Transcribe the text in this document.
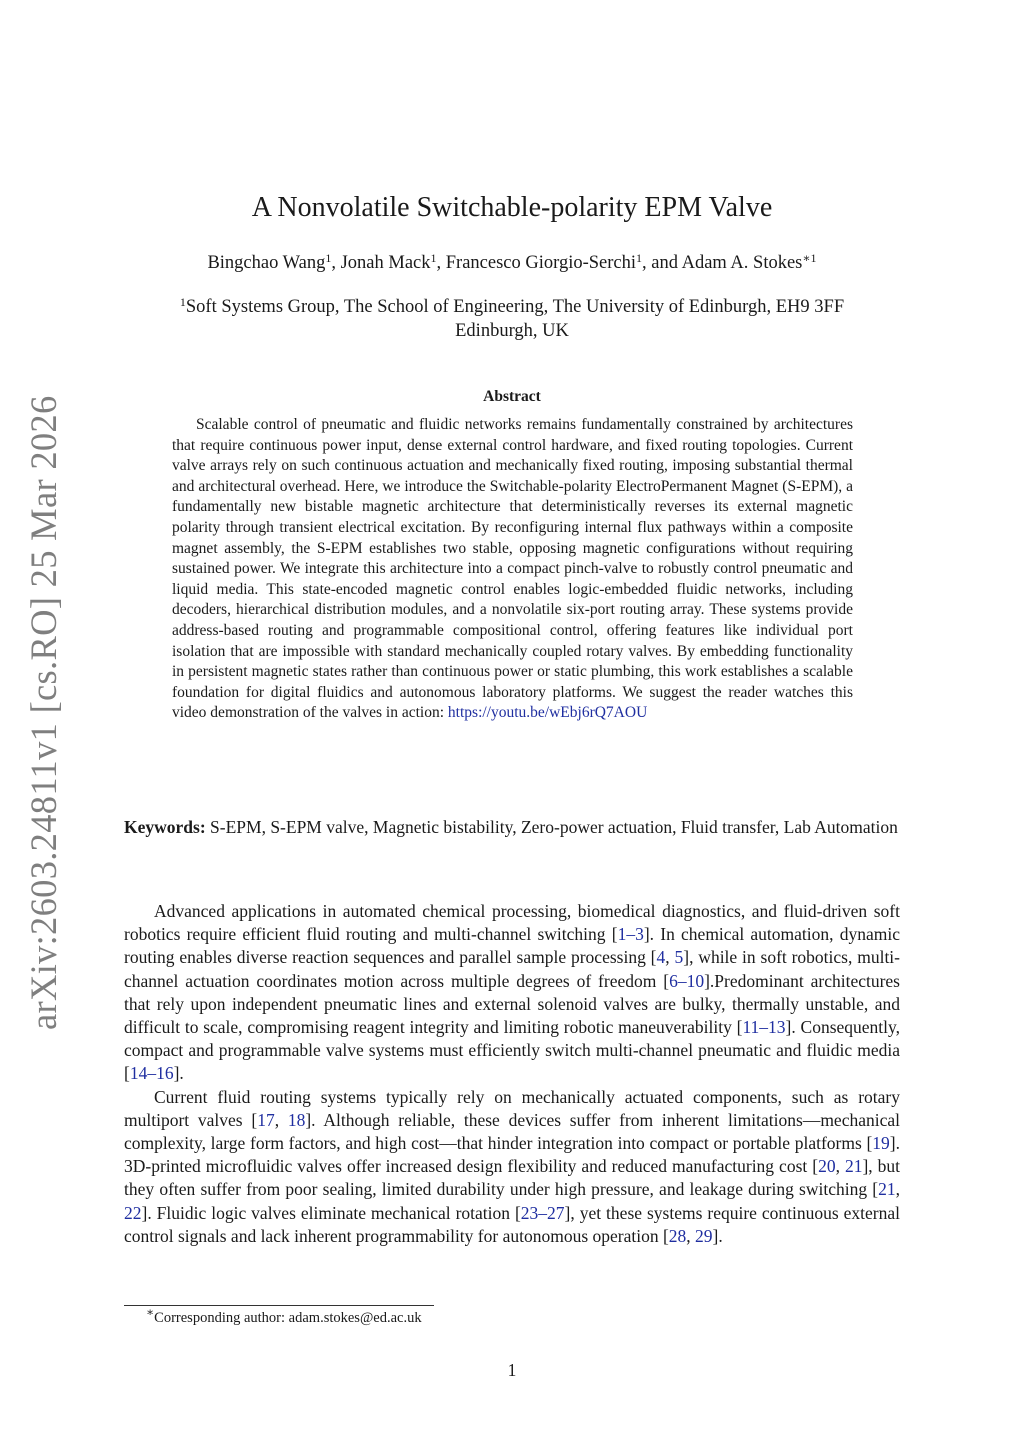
arXiv:2603.24811v1 [cs.RO] 25 Mar 2026
A Nonvolatile Switchable-polarity EPM Valve
Bingchao Wang$^1$, Jonah Mack$^1$, Francesco Giorgio-Serchi$^1$, and Adam A. Stokes$^{∗1}$
$^1$Soft Systems Group, The School of Engineering, The University of Edinburgh, EH9 3FF Edinburgh, UK
Abstract
Scalable control of pneumatic and fluidic networks remains fundamentally constrained by architectures that require continuous power input, dense external control hardware, and fixed routing topologies. Current valve arrays rely on such continuous actuation and mechanically fixed routing, imposing substantial thermal and architectural overhead. Here, we introduce the Switchable-polarity ElectroPermanent Magnet (S-EPM), a fundamentally new bistable magnetic architecture that deterministically reverses its external magnetic polarity through transient electrical excitation. By reconfiguring internal flux pathways within a composite magnet assembly, the S-EPM establishes two stable, opposing magnetic configurations without requiring sustained power. We integrate this architecture into a compact pinch-valve to robustly control pneumatic and liquid media. This state-encoded magnetic control enables logic-embedded fluidic networks, including decoders, hierarchical distribution modules, and a nonvolatile six-port routing array. These systems provide address-based routing and programmable compositional control, offering features like individual port isolation that are impossible with standard mechanically coupled rotary valves. By embedding functionality in persistent magnetic states rather than continuous power or static plumbing, this work establishes a scalable foundation for digital fluidics and autonomous laboratory platforms. We suggest the reader watches this video demonstration of the valves in action: https://youtu.be/wEbj6rQ7AOU
Keywords: S-EPM, S-EPM valve, Magnetic bistability, Zero-power actuation, Fluid transfer, Lab Automation

Advanced applications in automated chemical processing, biomedical diagnostics, and fluid-driven soft robotics require efficient fluid routing and multi-channel switching [1–3]. In chemical automation, dynamic routing enables diverse reaction sequences and parallel sample processing [4, 5], while in soft robotics, multi-channel actuation coordinates motion across multiple degrees of freedom [6–10].Predominant architectures that rely upon independent pneumatic lines and external solenoid valves are bulky, thermally unstable, and difficult to scale, compromising reagent integrity and limiting robotic maneuverability [11–13]. Consequently, compact and programmable valve systems must efficiently switch multi-channel pneumatic and fluidic media [14–16].

Current fluid routing systems typically rely on mechanically actuated components, such as rotary multiport valves [17, 18]. Although reliable, these devices suffer from inherent limitations—mechanical complexity, large form factors, and high cost—that hinder integration into compact or portable platforms [19]. 3D-printed microfluidic valves offer increased design flexibility and reduced manufacturing cost [20, 21], but they often suffer from poor sealing, limited durability under high pressure, and leakage during switching [21, 22]. Fluidic logic valves eliminate mechanical rotation [23–27], yet these systems require continuous external control signals and lack inherent programmability for autonomous operation [28, 29].

∗Corresponding author: adam.stokes@ed.ac.uk
1
